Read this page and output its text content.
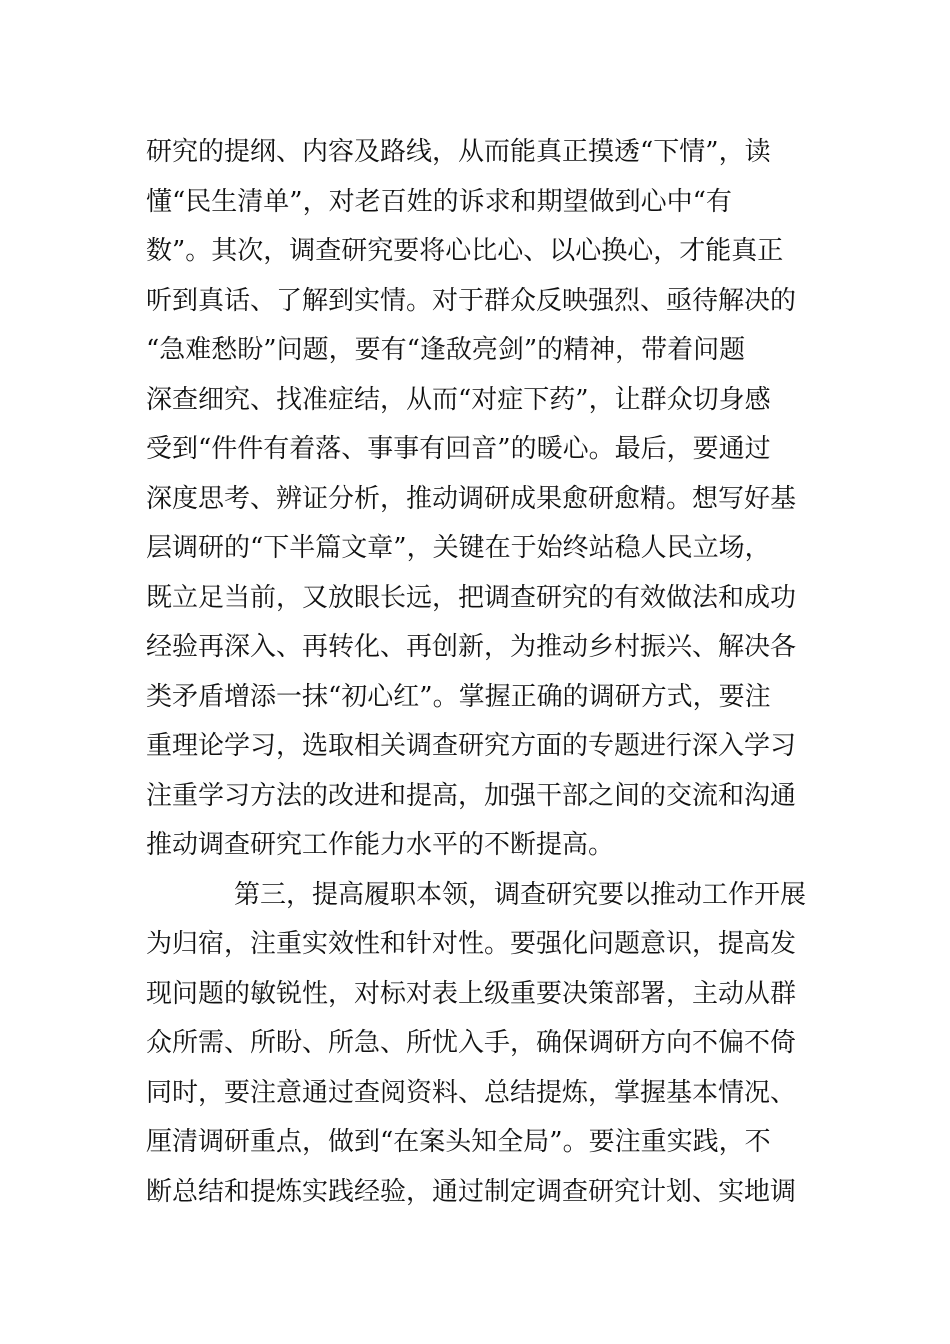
研究的提纲、内容及路线，从而能真正摸透“下情”，读
懂“民生清单”，对老百姓的诉求和期望做到心中“有
数”。其次，调查研究要将心比心、以心换心，才能真正
听到真话、了解到实情。对于群众反映强烈、亟待解决的
“急难愁盼”问题，要有“逢敌亮剑”的精神，带着问题
深查细究、找准症结，从而“对症下药”，让群众切身感
受到“件件有着落、事事有回音”的暖心。最后，要通过
深度思考、辨证分析，推动调研成果愈研愈精。想写好基
层调研的“下半篇文章”，关键在于始终站稳人民立场，
既立足当前，又放眼长远，把调查研究的有效做法和成功
经验再深入、再转化、再创新，为推动乡村振兴、解决各
类矛盾增添一抹“初心红”。掌握正确的调研方式，要注
重理论学习，选取相关调查研究方面的专题进行深入学习
注重学习方法的改进和提高，加强干部之间的交流和沟通
推动调查研究工作能力水平的不断提高。
第三，提高履职本领，调查研究要以推动工作开展
为归宿，注重实效性和针对性。要强化问题意识，提高发
现问题的敏锐性，对标对表上级重要决策部署，主动从群
众所需、所盼、所急、所忧入手，确保调研方向不偏不倚
同时，要注意通过查阅资料、总结提炼，掌握基本情况、
厘清调研重点，做到“在案头知全局”。要注重实践，不
断总结和提炼实践经验，通过制定调查研究计划、实地调
